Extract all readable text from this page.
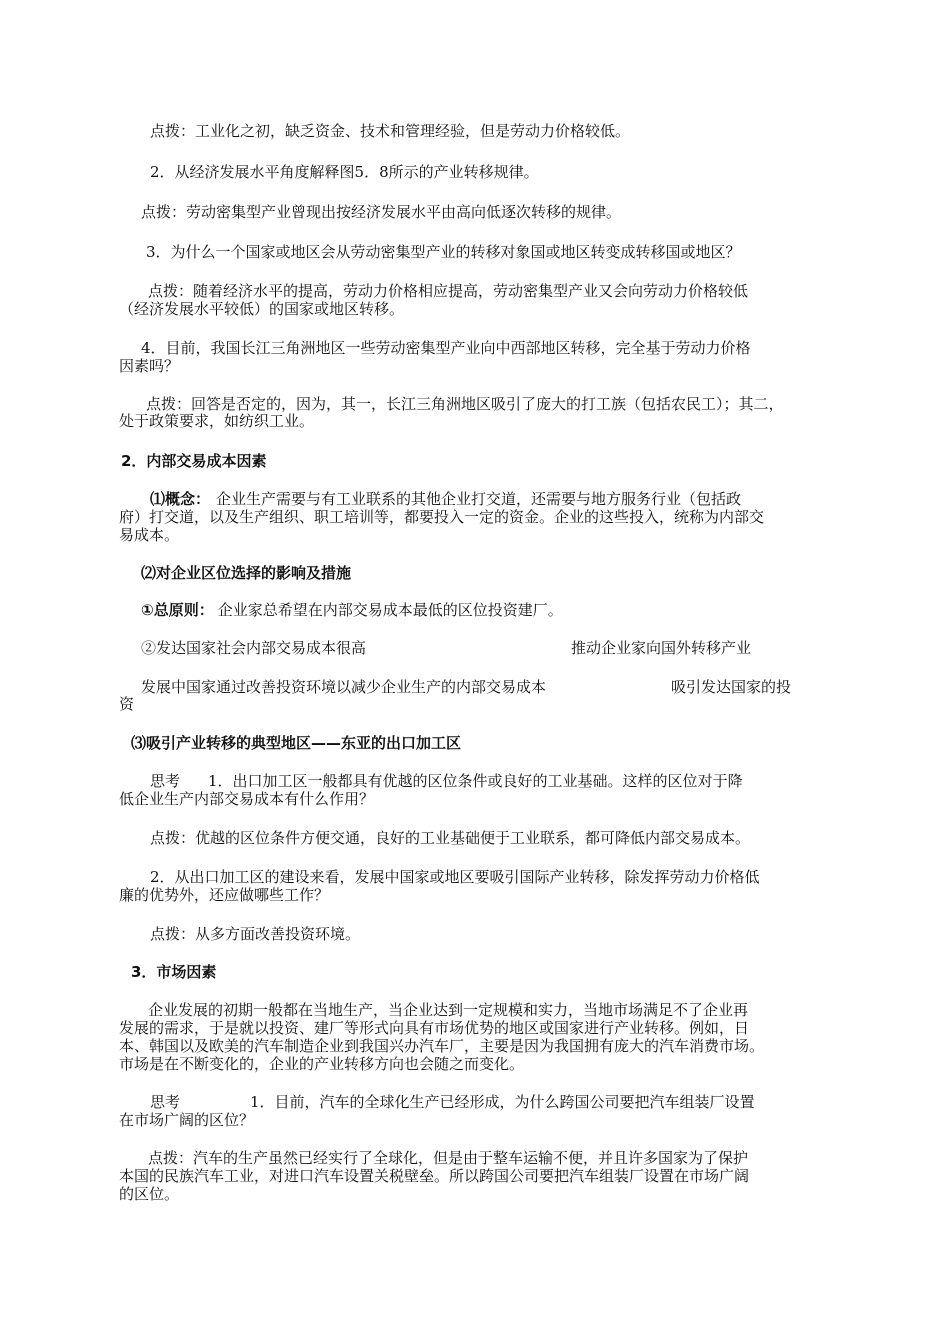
点拨：工业化之初，缺乏资金、技术和管理经验，但是劳动力价格较低。
2．从经济发展水平角度解释图5．8所示的产业转移规律。
点拨：劳动密集型产业曾现出按经济发展水平由高向低逐次转移的规律。
3．为什么一个国家或地区会从劳动密集型产业的转移对象国或地区转变成转移国或地区？
点拨：随着经济水平的提高，劳动力价格相应提高，劳动密集型产业又会向劳动力价格较低
（经济发展水平较低）的国家或地区转移。
4．目前，我国长江三角洲地区一些劳动密集型产业向中西部地区转移，完全基于劳动力价格
因素吗？
点拨：回答是否定的，因为，其一，长江三角洲地区吸引了庞大的打工族（包括农民工）；其二，
处于政策要求，如纺织工业。
2．内部交易成本因素
⑴概念： 企业生产需要与有工业联系的其他企业打交道，还需要与地方服务行业（包括政
府）打交道，以及生产组织、职工培训等，都要投入一定的资金。企业的这些投入，统称为内部交
易成本。
⑵对企业区位选择的影响及措施
①总原则： 企业家总希望在内部交易成本最低的区位投资建厂。
②发达国家社会内部交易成本很高	推动企业家向国外转移产业
发展中国家通过改善投资环境以减少企业生产的内部交易成本	吸引发达国家的投
资
⑶吸引产业转移的典型地区——东亚的出口加工区
思考 1．出口加工区一般都具有优越的区位条件或良好的工业基础。这样的区位对于降
低企业生产内部交易成本有什么作用？
点拨：优越的区位条件方便交通，良好的工业基础便于工业联系，都可降低内部交易成本。
2．从出口加工区的建设来看，发展中国家或地区要吸引国际产业转移，除发挥劳动力价格低
廉的优势外，还应做哪些工作？
点拨：从多方面改善投资环境。
3．市场因素
企业发展的初期一般都在当地生产，当企业达到一定规模和实力，当地市场满足不了企业再
发展的需求，于是就以投资、建厂等形式向具有市场优势的地区或国家进行产业转移。例如，日
本、韩国以及欧美的汽车制造企业到我国兴办汽车厂，主要是因为我国拥有庞大的汽车消费市场。
市场是在不断变化的，企业的产业转移方向也会随之而变化。
思考	1．目前，汽车的全球化生产已经形成，为什么跨国公司要把汽车组装厂设置
在市场广阔的区位？
点拨：汽车的生产虽然已经实行了全球化，但是由于整车运输不便，并且许多国家为了保护
本国的民族汽车工业，对进口汽车设置关税壁垒。所以跨国公司要把汽车组装厂设置在市场广阔
的区位。
